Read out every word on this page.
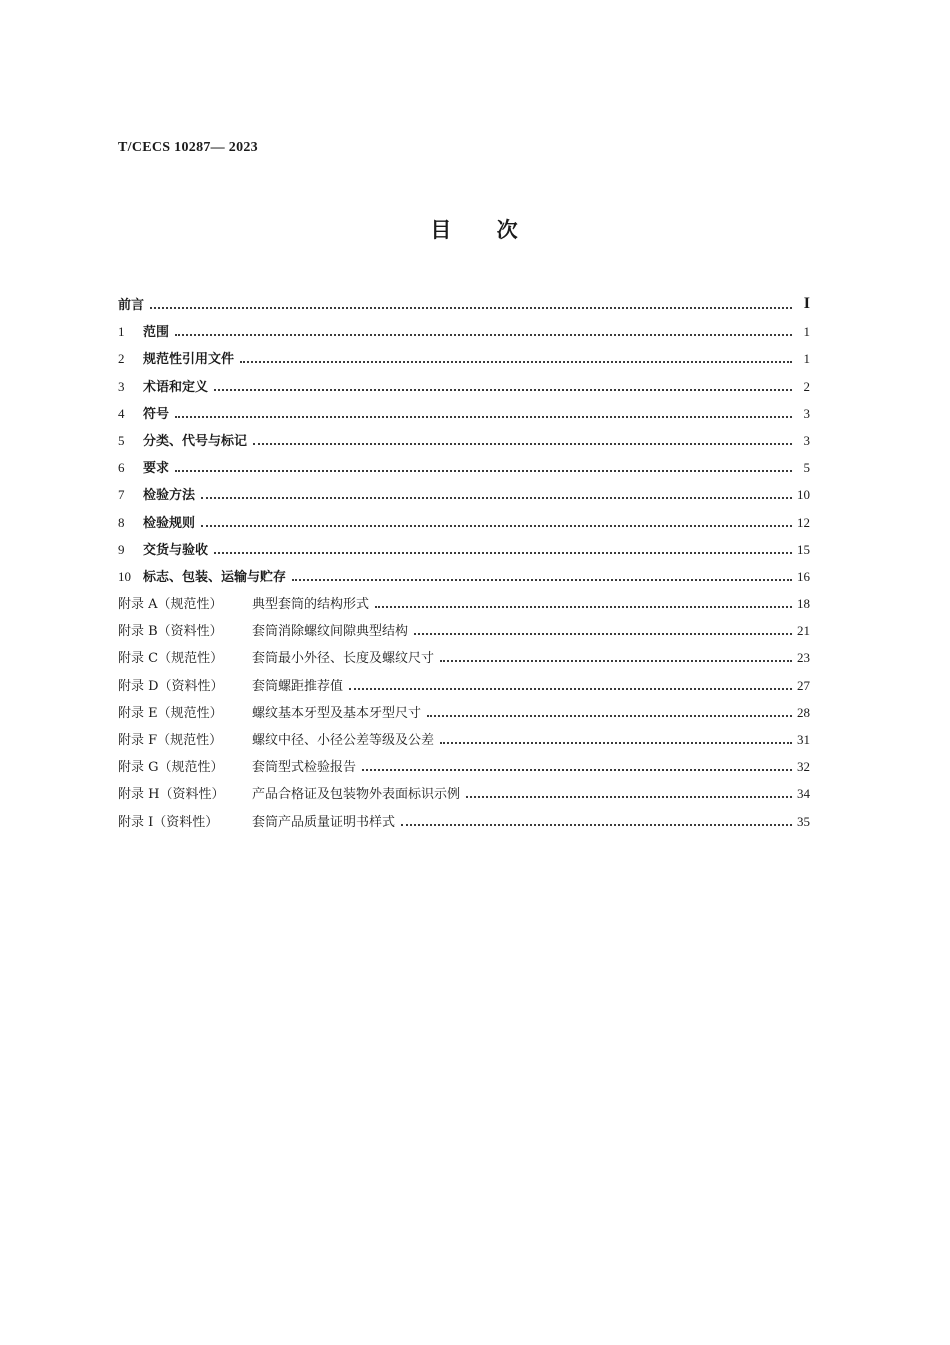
T/CECS 10287— 2023
目 次
前言	I
1	范围	1
2	规范性引用文件	1
3	术语和定义	2
4	符号	3
5	分类、代号与标记	3
6	要求	5
7	检验方法	10
8	检验规则	12
9	交货与验收	15
10 标志、包装、运输与贮存	16
附录 A（规范性）	典型套筒的结构形式	18
附录 B（资料性）	套筒消除螺纹间隙典型结构	21
附录 C（规范性）	套筒最小外径、长度及螺纹尺寸	23
附录 D（资料性）	套筒螺距推荐值	27
附录 E（规范性）	螺纹基本牙型及基本牙型尺寸	28
附录 F（规范性）	螺纹中径、小径公差等级及公差	31
附录 G（规范性）	套筒型式检验报告	32
附录 H（资料性）	产品合格证及包装物外表面标识示例	34
附录 I（资料性）	套筒产品质量证明书样式	35
